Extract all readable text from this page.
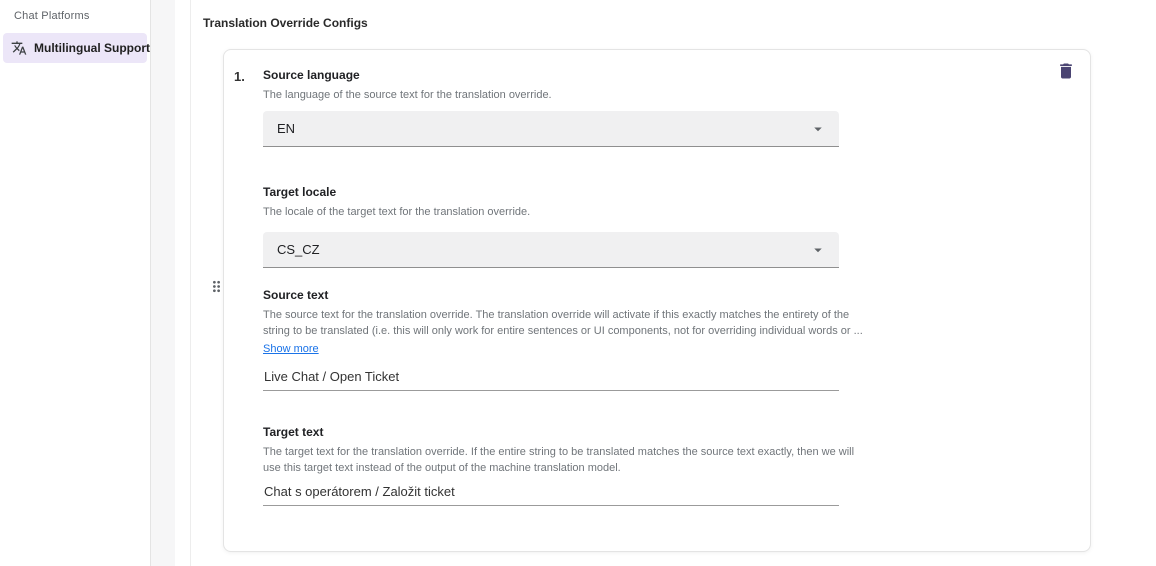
Chat Platforms
Multilingual Support
Translation Override Configs
1.	Source language
The language of the source text for the translation override.
EN
Target locale
The locale of the target text for the translation override.
CS_CZ
Source text
The source text for the translation override. The translation override will activate if this exactly matches the entirety of the
string to be translated (i.e. this will only work for entire sentences or UI components, not for overriding individual words or ...
Show more
Live Chat / Open Ticket
Target text
The target text for the translation override. If the entire string to be translated matches the source text exactly, then we will
use this target text instead of the output of the machine translation model.
Chat s operátorem / Založit ticket
